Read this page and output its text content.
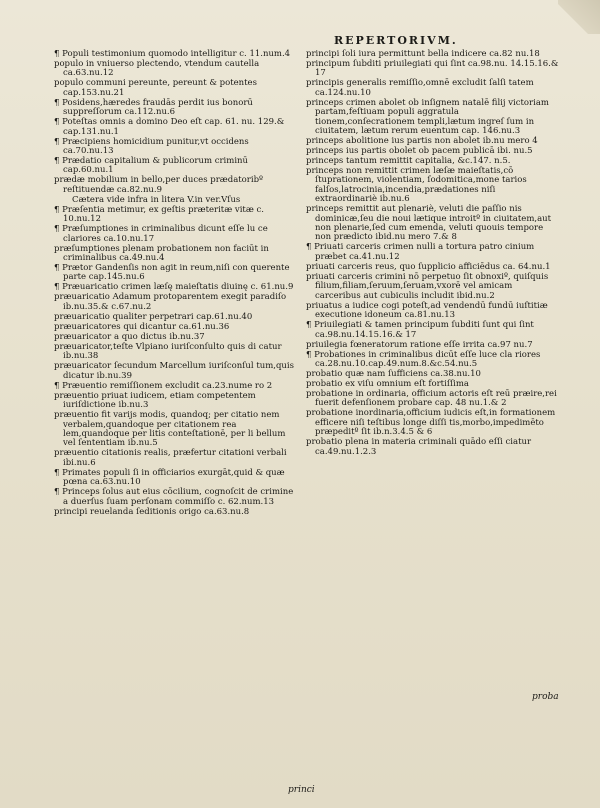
REPERTORIVM.
¶ Populi testimonium quomodo intelligitur c. 11.num.4
populo in vniuerso plectendo, vtendum cautella ca.63.nu.12
populo communi pereunte, pereunt & potentes cap.153.nu.21
¶ Posidens,hæredes fraudās perdit ius bonorū suppreſſorum ca.112.nu.6
¶ Poteſtas omnis a domino Deo eſt cap. 61. nu. 129.& cap.131.nu.1
¶ Præcipiens homicidium punitur,vt occidens ca.70.nu.13
¶ Prædatio capitalium & publicorum criminū cap.60.nu.1
prædæ mobilium in bello,per duces prædatoribº reſtituendæ ca.82.nu.9
Cætera vide infra in litera V.in ver.Vſus
¶ Præſentia metimur, ex geſtis præteritæ vitæ c. 10.nu.12
¶ Præſumptiones in criminalibus dicunt eſſe lu ce clariores ca.10.nu.17
præſumptiones plenam probationem non faciūt in criminalibus ca.49.nu.4
¶ Prætor Gandenſis non agit in reum,niſi con querente parte cap.145.nu.6
¶ Præuaricatio crimen læſę maieſtatis diuinę c. 61.nu.9
præuaricatio Adamum protoparentem exegit paradiſo ib.nu.35.& c.67.nu.2
præuaricatio qualiter perpetrari cap.61.nu.40
præuaricatores qui dicantur ca.61.nu.36
præuaricator a quo dictus ib.nu.37
præuaricator,teſte Vlpiano iuriſconſulto quis di catur ib.nu.38
præuaricator ſecundum Marcellum iuriſconſul tum,quis dicatur ib.nu.39
¶ Præuentio remiſſionem excludit ca.23.nume ro 2
præuentio priuat iudicem, etiam competentem iuriſdictione ib.nu.3
præuentio fit varijs modis, quandoq; per citatio nem verbalem,quandoque per citationem rea lem,quandoque per litis conteſtationē, per li bellum vel ſententiam ib.nu.5
præuentio citationis realis, præfertur citationi verbali ibi.nu.6
¶ Primates populi ſi in officiarios exurgāt,quid & quæ pœna ca.63.nu.10
¶ Princeps ſolus aut eius cōcilium, cognoſcit de crimine a duerſus ſuam perſonam commiſſo c. 62.num.13
principi reuelanda ſeditionis origo ca.63.nu.8
principi ſoli iura permittunt bella indicere ca.82 nu.18
principum ſubditi priuilegiati qui ſint ca.98.nu. 14.15.16.& 17
principis generalis remiſſio,omnē excludit ſalſi tatem ca.124.nu.10
princeps crimen abolet ob inſignem natalē filij victoriam partam,feſtiuam populi aggratula tionem,conſecrationem templi,lætum ingreſ ſum in ciuitatem, lætum rerum euentum cap. 146.nu.3
princeps abolitione ius partis non abolet ib.nu mero 4
princeps ius partis obolet ob pacem publicā ibi. nu.5
princeps tantum remittit capitalia, &c.147. n.5.
princeps non remittit crimen læſæ maieſtatis,cō ſtuprationem, violentiam, ſodomitica,mone tarios falſos,latrocinia,incendia,prædationes niſi extraordinariè ib.nu.6
princeps remittit aut plenariè, veluti die paſſio nis dominicæ,ſeu die noui lætique introitº in ciuitatem,aut non plenarie,ſed cum emenda, veluti quouis tempore non prædicto ibid.nu mero 7.& 8
¶ Priuati carceris crimen nulli a tortura patro cinium præbet ca.41.nu.12
priuati carceris reus, quo ſupplicio afficiēdus ca. 64.nu.1
priuati carceris crimini nō perpetuo ſit obnoxiº, quiſquis filium,filiam,ſeruum,ſeruam,vxorē vel amicam carceribus aut cubiculis includit ibid.nu.2
priuatus a iudice cogi poteſt,ad vendendū fundū iuſtitiæ executione idoneum ca.81.nu.13
¶ Priuilegiati & tamen principum ſubditi ſunt qui ſint ca.98.nu.14.15.16.& 17
priuilegia fœneratorum ratione eſſe irrita ca.97 nu.7
¶ Probationes in criminalibus dicūt eſſe luce cla riores ca.28.nu.10.cap.49.num.8.&c.54.nu.5
probatio quæ nam ſufficiens ca.38.nu.10
probatio ex viſu omnium eſt fortiſſima
probatione in ordinaria, officium actoris eſt reū præire,rei fuerit defenſionem probare cap. 48 nu.1.& 2
probatione inordinaria,officium iudicis eſt,in formationem efficere niſi teſtibus longe diſſi tis,morbo,impedimēto præpeditº ſit ib.n.3.4.5 & 6
probatio plena in materia criminali quādo eſſi ciatur ca.49.nu.1.2.3
proba
princi
